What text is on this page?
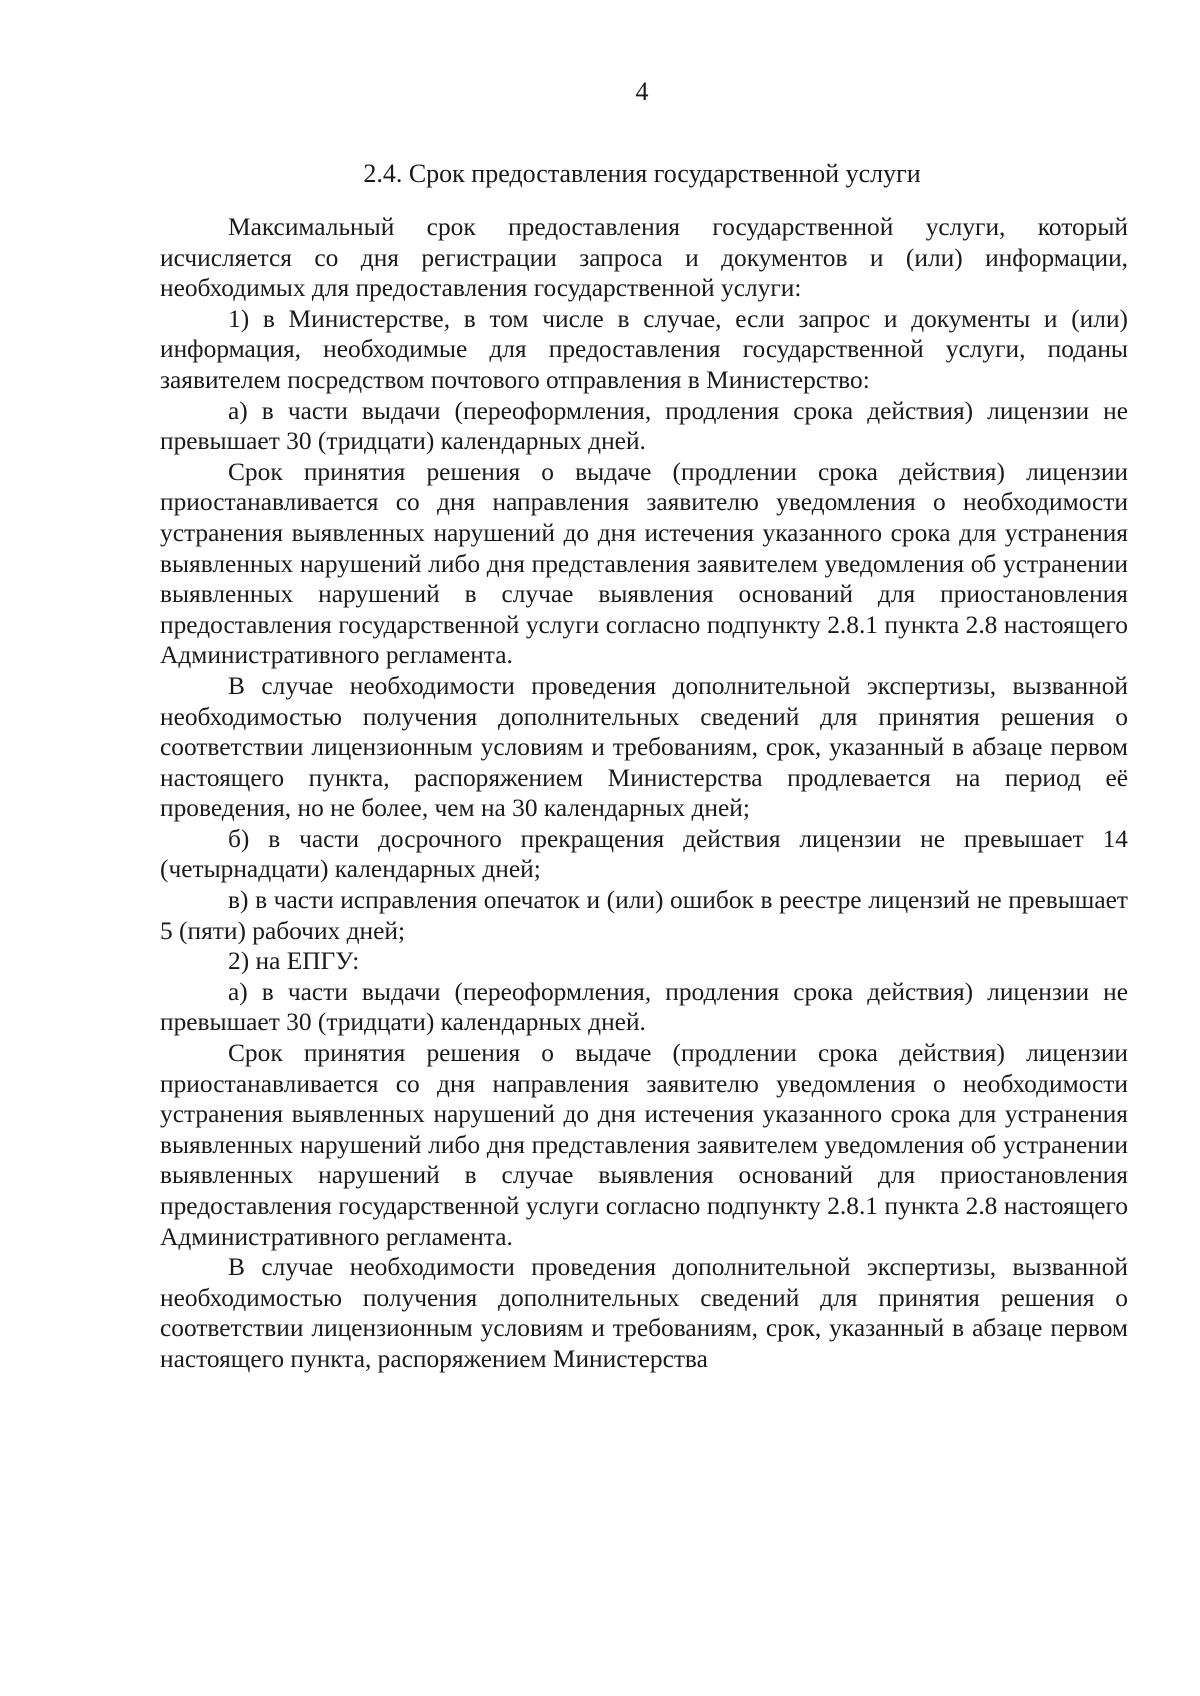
4
2.4. Срок предоставления государственной услуги

Максимальный срок предоставления государственной услуги, который исчисляется со дня регистрации запроса и документов и (или) информации, необходимых для предоставления государственной услуги:

1) в Министерстве, в том числе в случае, если запрос и документы и (или) информация, необходимые для предоставления государственной услуги, поданы заявителем посредством почтового отправления в Министерство:

а) в части выдачи (переоформления, продления срока действия) лицензии не превышает 30 (тридцати) календарных дней.

Срок принятия решения о выдаче (продлении срока действия) лицензии приостанавливается со дня направления заявителю уведомления о необходимости устранения выявленных нарушений до дня истечения указанного срока для устранения выявленных нарушений либо дня представления заявителем уведомления об устранении выявленных нарушений в случае выявления оснований для приостановления предоставления государственной услуги согласно подпункту 2.8.1 пункта 2.8 настоящего Административного регламента.

В случае необходимости проведения дополнительной экспертизы, вызванной необходимостью получения дополнительных сведений для принятия решения о соответствии лицензионным условиям и требованиям, срок, указанный в абзаце первом настоящего пункта, распоряжением Министерства продлевается на период её проведения, но не более, чем на 30 календарных дней;

б) в части досрочного прекращения действия лицензии не превышает 14 (четырнадцати) календарных дней;

в) в части исправления опечаток и (или) ошибок в реестре лицензий не превышает 5 (пяти) рабочих дней;

2) на ЕПГУ:

а) в части выдачи (переоформления, продления срока действия) лицензии не превышает 30 (тридцати) календарных дней.

Срок принятия решения о выдаче (продлении срока действия) лицензии приостанавливается со дня направления заявителю уведомления о необходимости устранения выявленных нарушений до дня истечения указанного срока для устранения выявленных нарушений либо дня представления заявителем уведомления об устранении выявленных нарушений в случае выявления оснований для приостановления предоставления государственной услуги согласно подпункту 2.8.1 пункта 2.8 настоящего Административного регламента.

В случае необходимости проведения дополнительной экспертизы, вызванной необходимостью получения дополнительных сведений для принятия решения о соответствии лицензионным условиям и требованиям, срок, указанный в абзаце первом настоящего пункта, распоряжением Министерства
